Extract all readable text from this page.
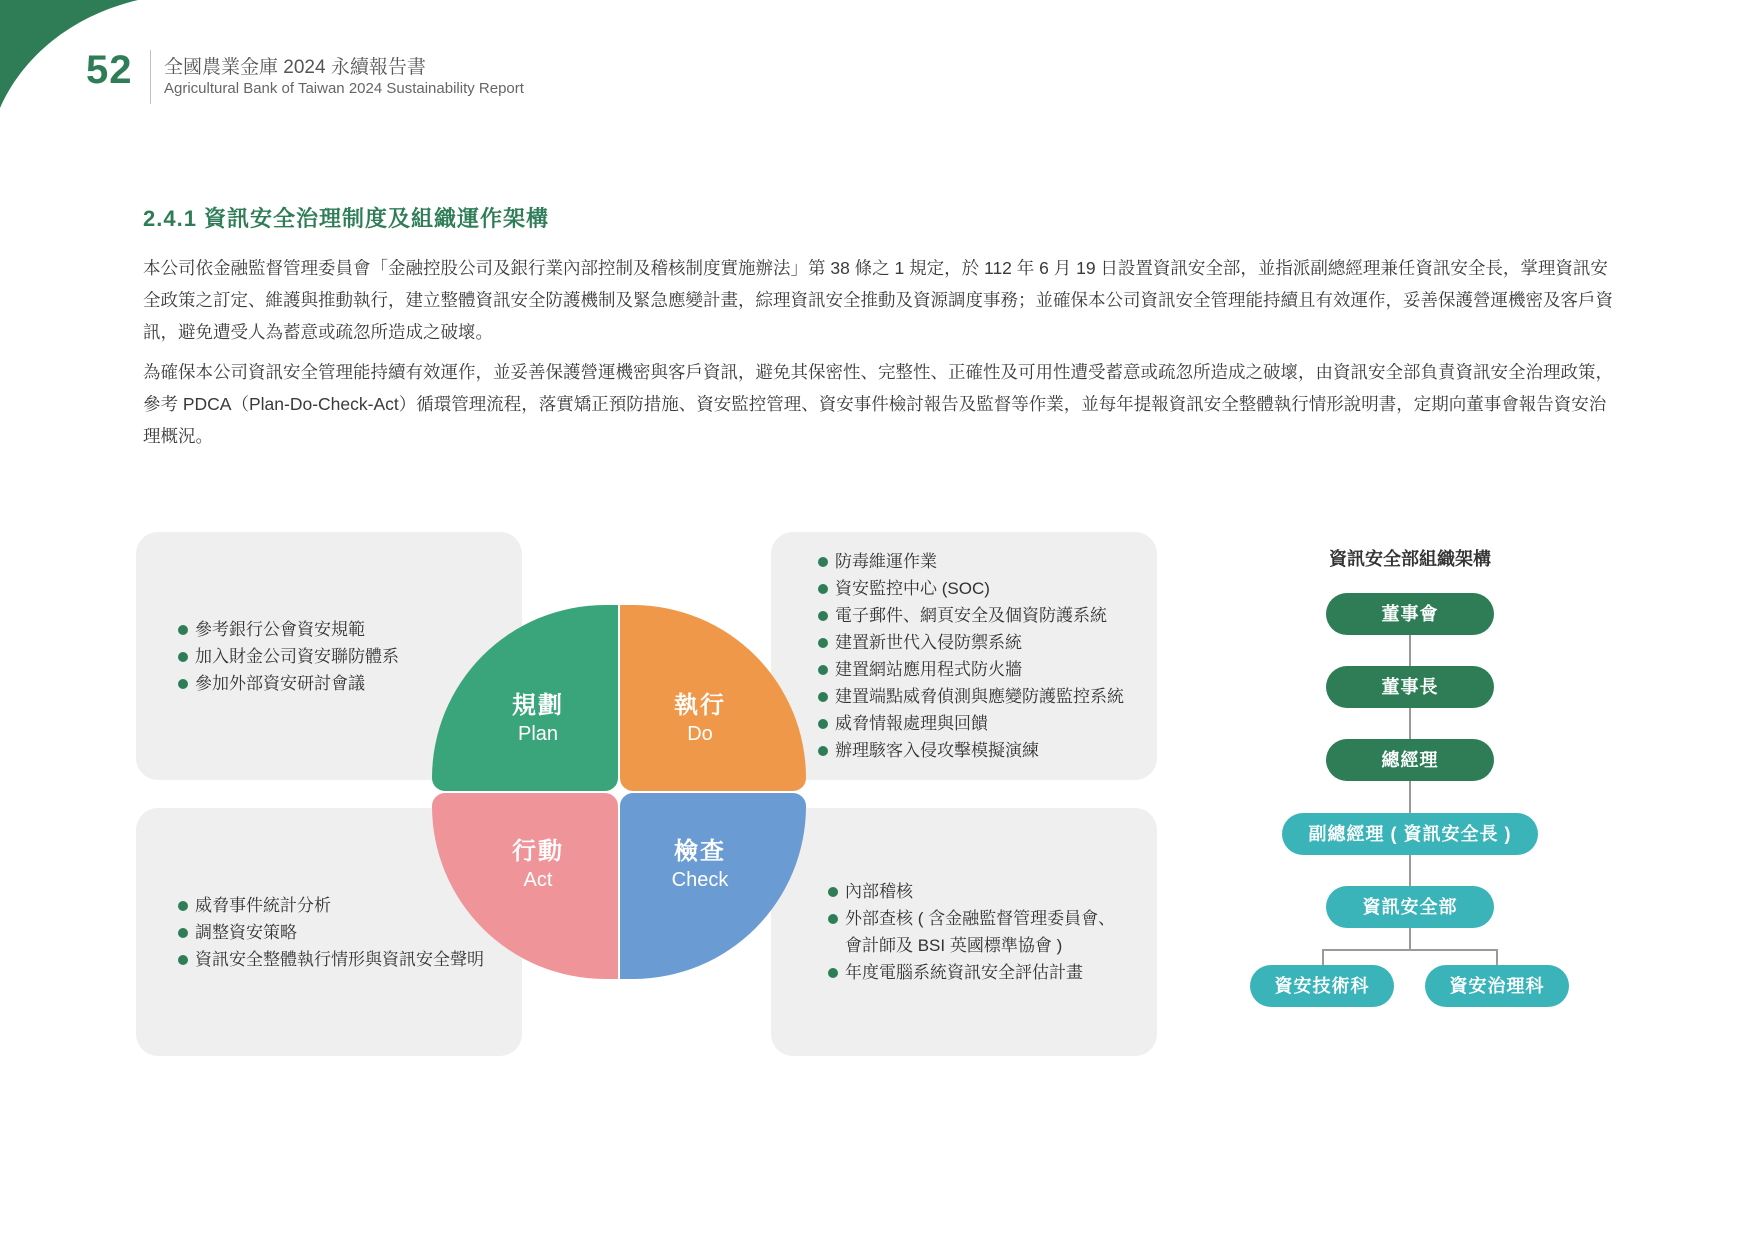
52 全國農業金庫 2024 永續報告書
Agricultural Bank of Taiwan 2024 Sustainability Report
2.4.1 資訊安全治理制度及組織運作架構

本公司依金融監督管理委員會「金融控股公司及銀行業內部控制及稽核制度實施辦法」第 38 條之 1 規定，於 112 年 6 月 19 日設置資訊安全部，並指派副總經理兼任資訊安全長，掌理資訊安全政策之訂定、維護與推動執行，建立整體資訊安全防護機制及緊急應變計畫，綜理資訊安全推動及資源調度事務；並確保本公司資訊安全管理能持續且有效運作，妥善保護營運機密及客戶資訊，避免遭受人為蓄意或疏忽所造成之破壞。

為確保本公司資訊安全管理能持續有效運作，並妥善保護營運機密與客戶資訊，避免其保密性、完整性、正確性及可用性遭受蓄意或疏忽所造成之破壞，由資訊安全部負責資訊安全治理政策，參考 PDCA（Plan-Do-Check-Act）循環管理流程，落實矯正預防措施、資安監控管理、資安事件檢討報告及監督等作業，並每年提報資訊安全整體執行情形說明書，定期向董事會報告資安治理概況。

參考銀行公會資安規範
加入財金公司資安聯防體系
參加外部資安研討會議
防毒維運作業
資安監控中心 (SOC)
電子郵件、網頁安全及個資防護系統
建置新世代入侵防禦系統
建置網站應用程式防火牆
建置端點威脅偵測與應變防護監控系統
威脅情報處理與回饋
辦理駭客入侵攻擊模擬演練
威脅事件統計分析
調整資安策略
資訊安全整體執行情形與資訊安全聲明
內部稽核
外部查核 ( 含金融監督管理委員會、
會計師及 BSI 英國標準協會 )
年度電腦系統資訊安全評估計畫
規劃
Plan
執行
Do
行動
Act
檢查
Check
資訊安全部組織架構
董事會
董事長
總經理
副總經理 ( 資訊安全長 )
資訊安全部
資安技術科	資安治理科
